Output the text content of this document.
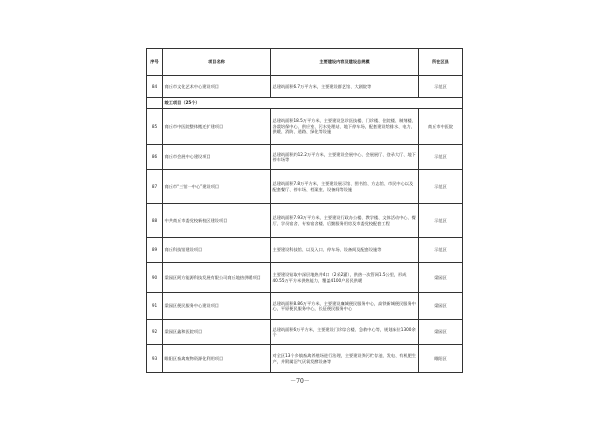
序号	项目名称	主要建设内容及建设总规模	所在区县
84	商丘市文化艺术中心建设项目	总建筑面积6.7万平方米，主要建设群艺馆、大剧院等	示范区
	竣工项目（25个）		
85	商丘市中医院整体搬迁扩建项目	总建筑面积18.5万平方米，主要建设急诊医技楼、门诊楼、住院楼、制剂楼、各栽培保中心、供应室、污水处理站、地下停车场，配套建设给排水、电力、供暖、消防、道路、绿化等设施	商丘市中医院
86	商丘市会展中心建设项目	总建筑面积约12.2万平方米，主要建设会展中心、会展展厅、登录大厅、地下停车场等	示范区
87	商丘市“三馆一中心”建设项目	总建筑面积7.8万平方米，主要建设展示馆、图书馆、方志馆、市民中心以及配套餐厅、停车场、档案室、设备间等设施	示范区
88	中共商丘市委党校新校区建设项目	总建筑面积7.93万平方米，主要建设行政办公楼、教学楼、文体活动中心、餐厅、学员宿舍、专家宿舍楼、后勤服务用房及市委党校配套工程	示范区
89	商丘科技馆建设项目	主要建设科技馆、以及入口、停车场、设备间及配套设施等	示范区
90	梁园区阿方能源科技发展有限公司商丘地热供暖项目	主要建设钻取中深层地热井4口（2采2灌），供热一次管网1.5公里，形成40.55万平方米供热能力，覆盖4100户居民供暖	梁园区
91	梁园区便民服务中心建设项目	总建筑面积8.86万平方米，主要建设廉城便民服务中心，高铁新城便民服务中心，平原便民服务中心，长征便民服务中心	梁园区
92	梁园区鑫和医院项目	总建筑面积6万平方米，主要建设门诊综合楼、急救中心等，规划床位1300余个	梁园区
93	睢阳区畜禽废物资源化利用项目	对全区13个乡镇畜禽养殖场进行治理，主要建设粪污贮存池、发电、有机肥生产，并附属沼气厌氧发酵设备等	睢阳区
－70－
